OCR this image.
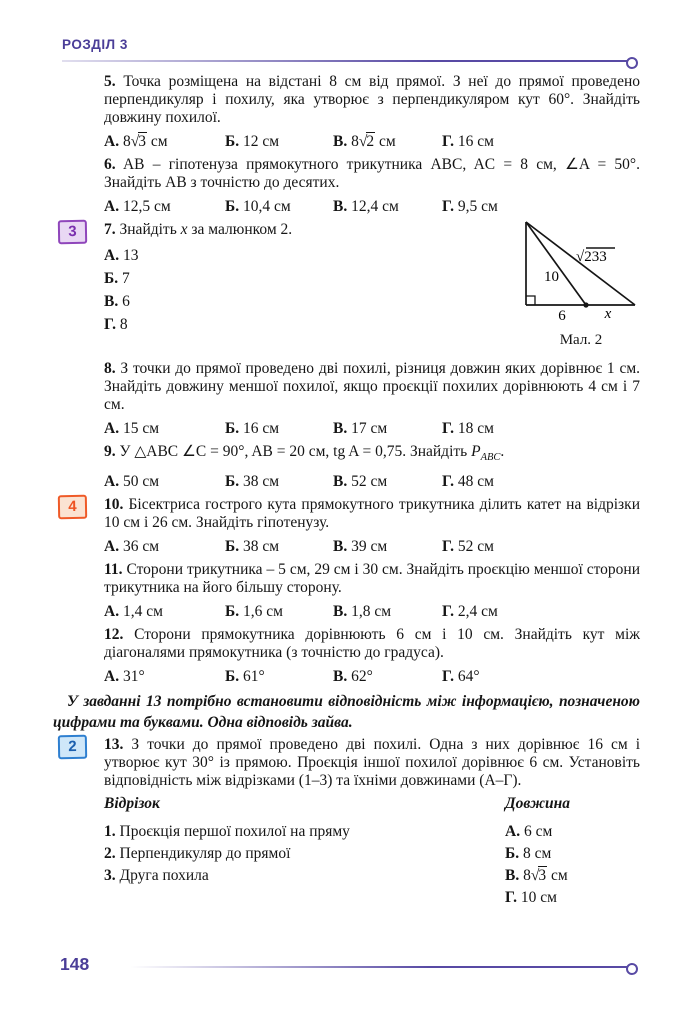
РОЗДІЛ 3

5. Точка розміщена на відстані 8 см від прямої. З неї до прямої проведено перпендикуляр і похилу, яка утворює з перпендикуляром кут 60°. Знайдіть довжину похилої.

А. 8√3 см	Б. 12 см	В. 8√2 см	Г. 16 см

6. AB – гіпотенуза прямокутного трикутника ABC, AC = 8 см, ∠A = 50°. Знайдіть AB з точністю до десятих.

А. 12,5 см	Б. 10,4 см	В. 12,4 см	Г. 9,5 см
3	7. Знайдіть x за малюнком 2.

А. 13
Б. 7
В. 6
Г. 8

8. З точки до прямої проведено дві похилі, різниця довжин яких дорівнює 1 см. Знайдіть довжину меншої похилої, якщо проєкції похилих дорівнюють 4 см і 7 см.

А. 15 см	Б. 16 см	В. 17 см	Г. 18 см

9. У △ABC ∠C = 90°, AB = 20 см, tg A = 0,75. Знайдіть $P_{ABC}$.

А. 50 см	Б. 38 см	В. 52 см	Г. 48 см
4	10. Бісектриса гострого кута прямокутного трикутника ділить катет на відрізки 10 см і 26 см. Знайдіть гіпотенузу.

А. 36 см	Б. 38 см	В. 39 см	Г. 52 см

11. Сторони трикутника – 5 см, 29 см і 30 см. Знайдіть проєкцію меншої сторони трикутника на його більшу сторону.

А. 1,4 см	Б. 1,6 см	В. 1,8 см	Г. 2,4 см

12. Сторони прямокутника дорівнюють 6 см і 10 см. Знайдіть кут між діагоналями прямокутника (з точністю до градуса).

А. 31°	Б. 61°	В. 62°	Г. 64°

У завданні 13 потрібно встановити відповідність між інформацією, позначеною цифрами та буквами. Одна відповідь зайва.

2	13. З точки до прямої проведено дві похилі. Одна з них дорівнює 16 см і утворює кут 30° із прямою. Проєкція іншої похилої дорівнює 6 см. Установіть відповідність між відрізками (1–3) та їхніми довжинами (А–Г).

Відрізок

1. Проєкція першої похилої на пряму
2. Перпендикуляр до прямої
3. Друга похила

Довжина

А. 6 см
Б. 8 см
В. 8√3 см
Г. 10 см
10
√233
6	x
Мал. 2
148
